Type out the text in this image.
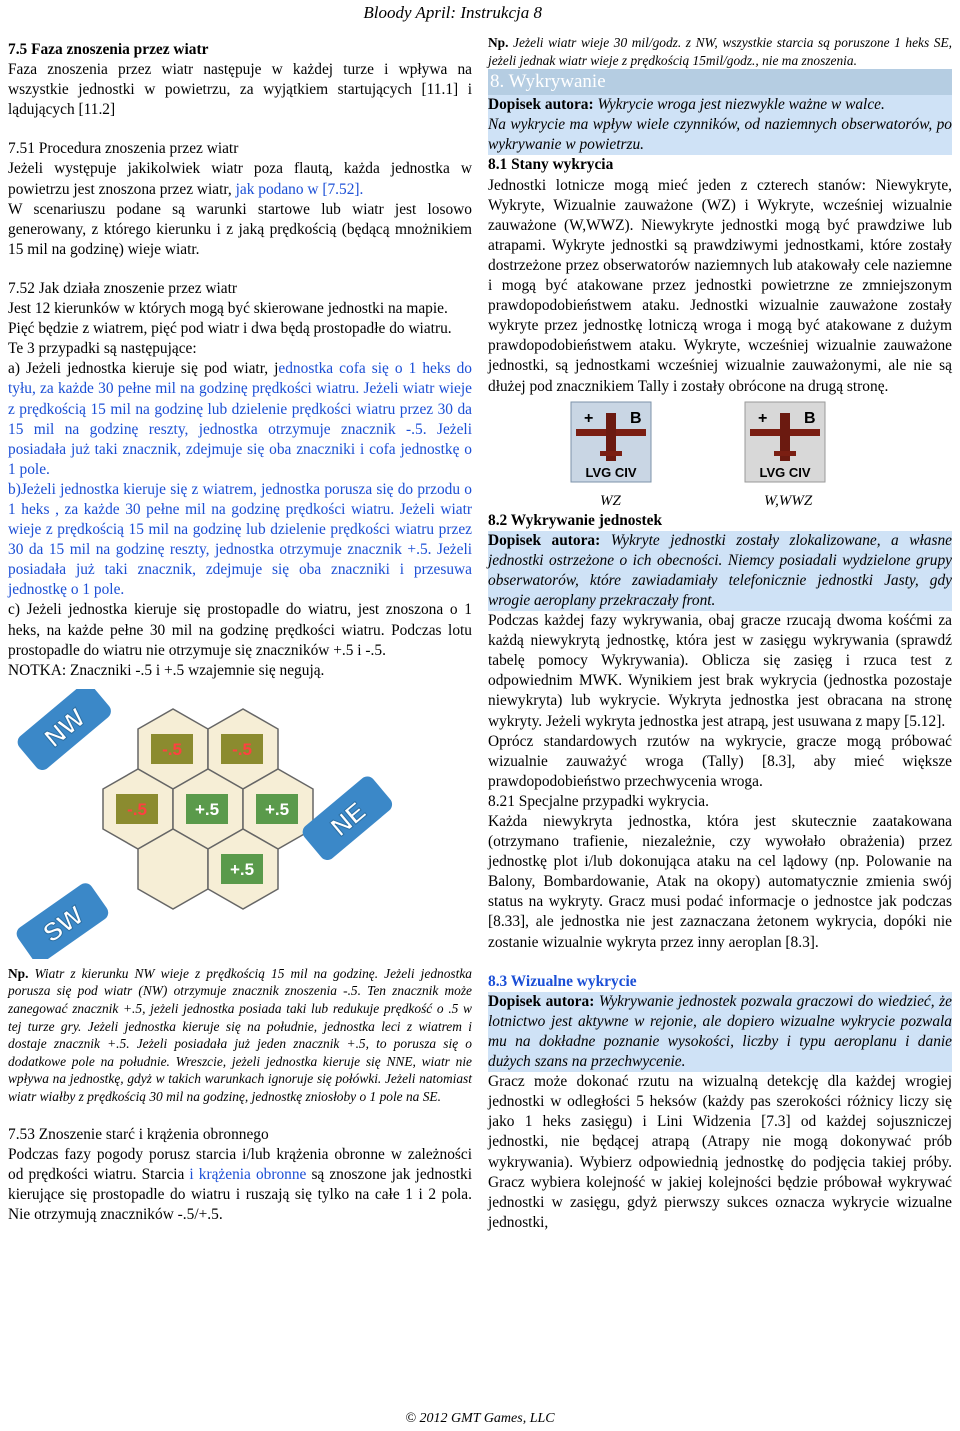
Bloody April: Instrukcja 8

7.5 Faza znoszenia przez wiatr

Faza znoszenia przez wiatr następuje w każdej turze i wpływa na wszystkie jednostki w powietrzu, za wyjątkiem startujących [11.1] i lądujących [11.2]

7.51 Procedura znoszenia przez wiatr

Jeżeli występuje jakikolwiek wiatr poza flautą, każda jednostka w powietrzu jest znoszona przez wiatr, jak podano w [7.52].

W scenariuszu podane są warunki startowe lub wiatr jest losowo generowany, z którego kierunku i z jaką prędkością (będącą mnożnikiem 15 mil na godzinę) wieje wiatr.

7.52 Jak działa znoszenie przez wiatr

Jest 12 kierunków w których mogą być skierowane jednostki na mapie.

Pięć będzie z wiatrem, pięć pod wiatr i dwa będą prostopadłe do wiatru.

Te 3 przypadki są następujące:

a) Jeżeli jednostka kieruje się pod wiatr, jednostka cofa się o 1 heks do tyłu, za każde 30 pełne mil na godzinę prędkości wiatru. Jeżeli wiatr wieje z prędkością 15 mil na godzinę lub dzielenie prędkości wiatru przez 30 da 15 mil na godzinę reszty, jednostka otrzymuje znacznik -.5. Jeżeli posiadała już taki znacznik, zdejmuje się oba znaczniki i cofa jednostkę o 1 pole.

b)Jeżeli jednostka kieruje się z wiatrem, jednostka porusza się do przodu o 1 heks , za każde 30 pełne mil na godzinę prędkości wiatru. Jeżeli wiatr wieje z prędkością 15 mil na godzinę lub dzielenie prędkości wiatru przez 30 da 15 mil na godzinę reszty, jednostka otrzymuje znacznik +.5. Jeżeli posiadała już taki znacznik, zdejmuje się oba znaczniki i przesuwa jednostkę o 1 pole.

c) Jeżeli jednostka kieruje się prostopadle do wiatru, jest znoszona o 1 heks, na każde pełne 30 mil na godzinę prędkości wiatru. Podczas lotu prostopadle do wiatru nie otrzymuje się znaczników +.5 i -.5.

NOTKA: Znaczniki -.5 i +.5 wzajemnie się negują.

-.5	-.5
-.5	+.5	+.5
+.5
NW
NE
SW

Np. Wiatr z kierunku NW wieje z prędkością 15 mil na godzinę. Jeżeli jednostka porusza się pod wiatr (NW) otrzymuje znacznik znoszenia -.5. Ten znacznik może zanegować znacznik +.5, jeżeli jednostka posiada taki lub redukuje prędkość o .5 w tej turze gry. Jeżeli jednostka kieruje się na południe, jednostka leci z wiatrem i dostaje znacznik +.5. Jeżeli posiadała już jeden znacznik +.5, to porusza się o dodatkowe pole na południe. Wreszcie, jeżeli jednostka kieruje się NNE, wiatr nie wpływa na jednostkę, gdyż w takich warunkach ignoruje się połówki. Jeżeli natomiast wiatr wiałby z prędkością 30 mil na godzinę, jednostkę zniosłoby o 1 pole na SE.

7.53 Znoszenie starć i krążenia obronnego

Podczas fazy pogody porusz starcia i/lub krążenia obronne w zależności od prędkości wiatru. Starcia i krążenia obronne są znoszone jak jednostki kierujące się prostopadle do wiatru i ruszają się tylko na całe 1 i 2 pola. Nie otrzymują znaczników -.5/+.5.

Np. Jeżeli wiatr wieje 30 mil/godz. z NW, wszystkie starcia są poruszone 1 heks SE, jeżeli jednak wiatr wieje z prędkością 15mil/godz., nie ma znoszenia.

8. Wykrywanie

Dopisek autora: Wykrycie wroga jest niezwykle ważne w walce.

Na wykrycie ma wpływ wiele czynników, od naziemnych obserwatorów, po wykrywanie w powietrzu.

8.1 Stany wykrycia

Jednostki lotnicze mogą mieć jeden z czterech stanów: Niewykryte, Wykryte, Wizualnie zauważone (WZ) i Wykryte, wcześniej wizualnie zauważone (W,WWZ). Niewykryte jednostki mogą być prawdziwe lub atrapami. Wykryte jednostki są prawdziwymi jednostkami, które zostały dostrzeżone przez obserwatorów naziemnych lub atakowały cele naziemne i mogą być atakowane przez jednostki powietrzne ze zmniejszonym prawdopodobieństwem ataku. Jednostki wizualnie zauważone zostały wykryte przez jednostkę lotniczą wroga i mogą być atakowane z dużym prawdopodobieństwem ataku. Wykryte, wcześniej wizualnie zauważone jednostki, są jednostkami wcześniej wizualnie zauważonymi, ale nie są dłużej pod znacznikiem Tally i zostały obrócone na drugą stronę.

+ B
LVG CIV
+ B
LVG CIV
WZ	W,WWZ

8.2 Wykrywanie jednostek

Dopisek autora: Wykryte jednostki zostały zlokalizowane, a własne jednostki ostrzeżone o ich obecności. Niemcy posiadali wydzielone grupy obserwatorów, które zawiadamiały telefonicznie jednostki Jasty, gdy wrogie aeroplany przekraczały front.

Podczas każdej fazy wykrywania, obaj gracze rzucają dwoma kośćmi za każdą niewykrytą jednostkę, która jest w zasięgu wykrywania (sprawdź tabelę pomocy Wykrywania). Oblicza się zasięg i rzuca test z odpowiednim MWK. Wynikiem jest brak wykrycia (jednostka pozostaje niewykryta) lub wykrycie. Wykryta jednostka jest obracana na stronę wykryty. Jeżeli wykryta jednostka jest atrapą, jest usuwana z mapy [5.12].

Oprócz standardowych rzutów na wykrycie, gracze mogą próbować wizualnie zauważyć wroga (Tally) [8.3], aby mieć większe prawdopodobieństwo przechwycenia wroga.

8.21 Specjalne przypadki wykrycia.

Każda niewykryta jednostka, która jest skutecznie zaatakowana (otrzymano trafienie, niezależnie, czy wywołało obrażenia) przez jednostkę plot i/lub dokonująca ataku na cel lądowy (np. Polowanie na Balony, Bombardowanie, Atak na okopy) automatycznie zmienia swój status na wykryty. Gracz musi podać informacje o jednostce jak podczas [8.33], ale jednostka nie jest zaznaczana żetonem wykrycia, dopóki nie zostanie wizualnie wykryta przez inny aeroplan [8.3].

8.3 Wizualne wykrycie

Dopisek autora: Wykrywanie jednostek pozwala graczowi do wiedzieć, że lotnictwo jest aktywne w rejonie, ale dopiero wizualne wykrycie pozwala mu na dokładne poznanie wysokości, liczby i typu aeroplanu i danie dużych szans na przechwycenie.

Gracz może dokonać rzutu na wizualną detekcję dla każdej wrogiej jednostki w odległości 5 heksów (każdy pas szerokości różnicy liczy się jako 1 heks zasięgu) i Lini Widzenia [7.3] od każdej sojuszniczej jednostki, nie będącej atrapą (Atrapy nie mogą dokonywać prób wykrywania). Wybierz odpowiednią jednostkę do podjęcia takiej próby. Gracz wybiera kolejność w jakiej kolejności będzie próbował wykrywać jednostki w zasięgu, gdyż pierwszy sukces oznacza wykrycie wizualne jednostki,

© 2012 GMT Games, LLC
